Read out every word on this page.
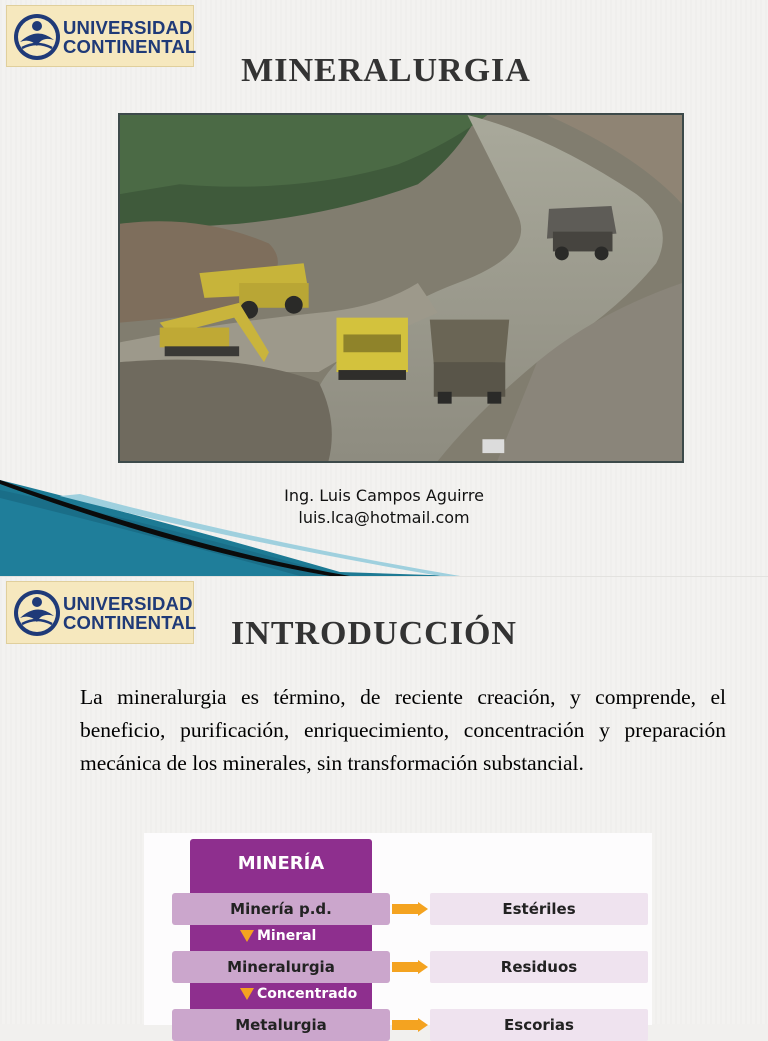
UNIVERSIDAD
CONTINENTAL
MINERALURGIA
Ing. Luis Campos Aguirre
luis.lca@hotmail.com
UNIVERSIDAD
CONTINENTAL	INTRODUCCIÓN
La mineralurgia es término, de reciente creación, y comprende, el beneficio, purificación, enriquecimiento, concentración y preparación mecánica de los minerales, sin transformación substancial.
MINERÍA
Minería p.d.	Estériles
Mineral
Mineralurgia	Residuos
Concentrado
Metalurgia	Escorias
